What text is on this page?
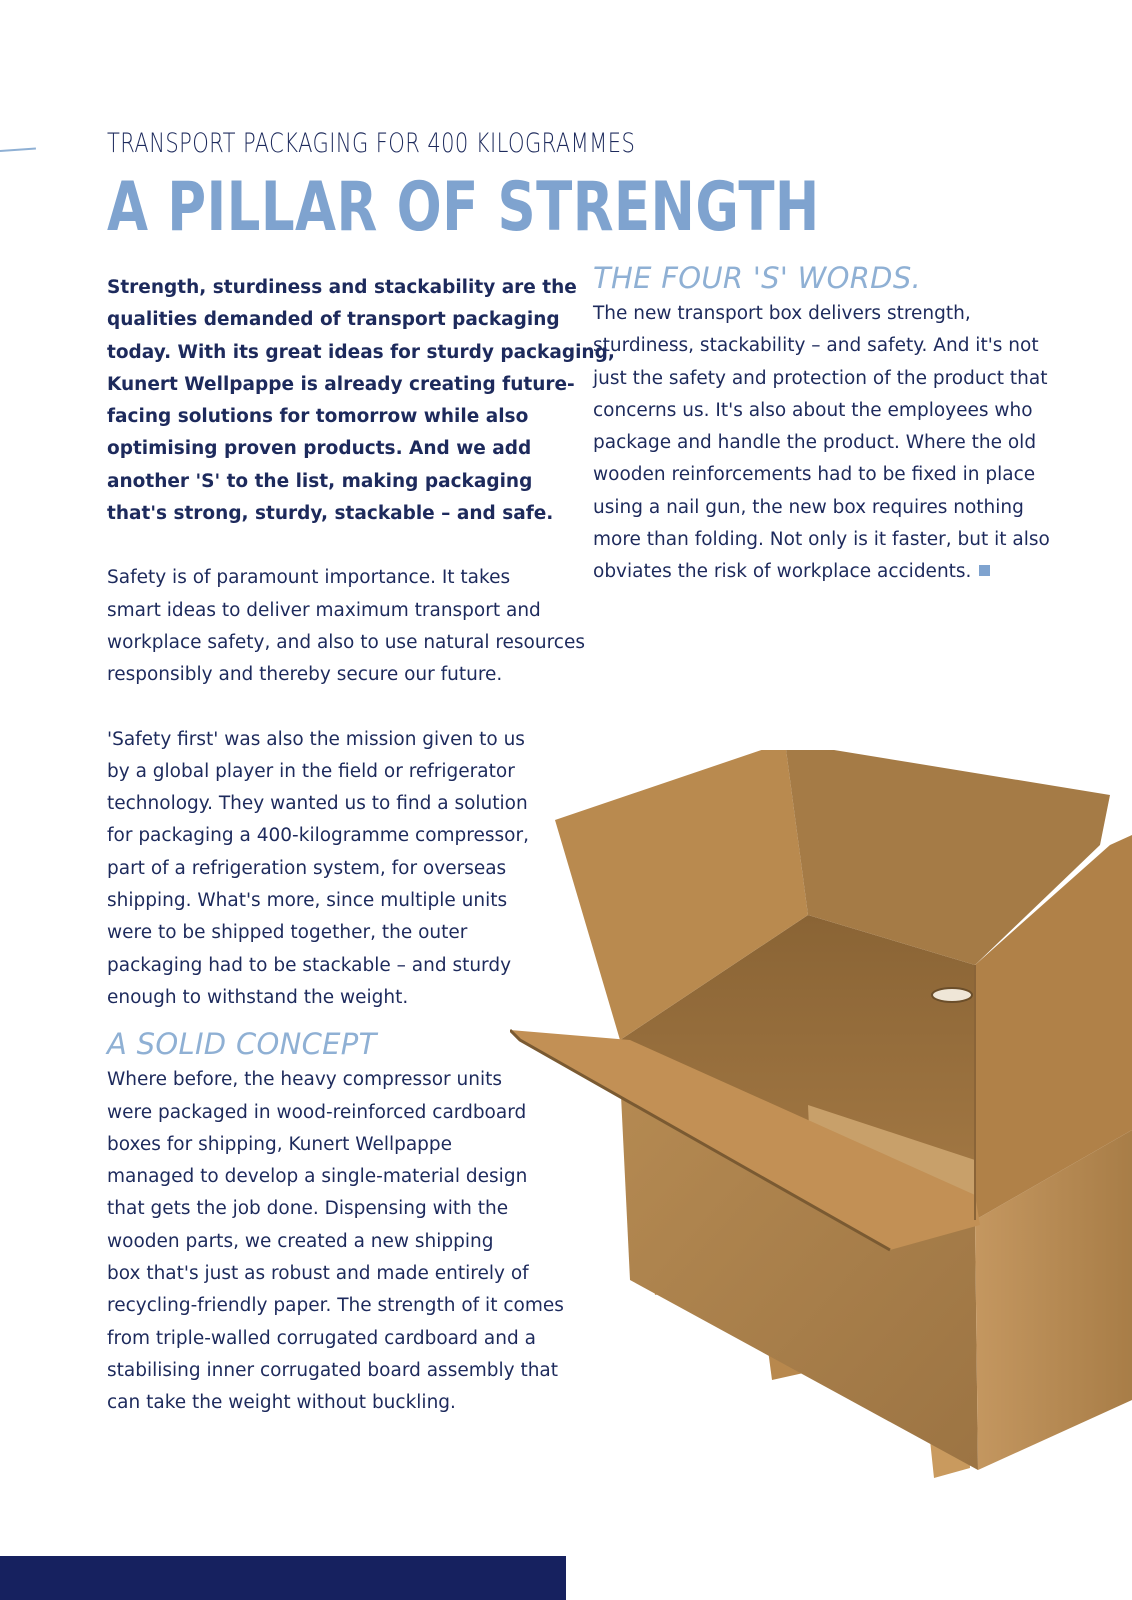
TRANSPORT PACKAGING FOR 400 KILOGRAMMES
A PILLAR OF STRENGTH

Strength, sturdiness and stackability are the

qualities demanded of transport packaging

today. With its great ideas for sturdy packaging,

Kunert Wellpappe is already creating future-

facing solutions for tomorrow while also

optimising proven products. And we add

another 'S' to the list, making packaging

that's strong, sturdy, stackable – and safe.

Safety is of paramount importance. It takes

smart ideas to deliver maximum transport and

workplace safety, and also to use natural resources

responsibly and thereby secure our future.

'Safety first' was also the mission given to us

by a global player in the field or refrigerator

technology. They wanted us to find a solution

for packaging a 400-kilogramme compressor,

part of a refrigeration system, for overseas

shipping. What's more, since multiple units

were to be shipped together, the outer

packaging had to be stackable – and sturdy

enough to withstand the weight.

A SOLID CONCEPT

Where before, the heavy compressor units

were packaged in wood-reinforced cardboard

boxes for shipping, Kunert Wellpappe

managed to develop a single-material design

that gets the job done. Dispensing with the

wooden parts, we created a new shipping

box that's just as robust and made entirely of

recycling-friendly paper. The strength of it comes

from triple-walled corrugated cardboard and a

stabilising inner corrugated board assembly that

can take the weight without buckling.

THE FOUR 'S' WORDS.

The new transport box delivers strength,

sturdiness, stackability – and safety. And it's not

just the safety and protection of the product that

concerns us. It's also about the employees who

package and handle the product. Where the old

wooden reinforcements had to be fixed in place

using a nail gun, the new box requires nothing

more than folding. Not only is it faster, but it also

obviates the risk of workplace accidents.
